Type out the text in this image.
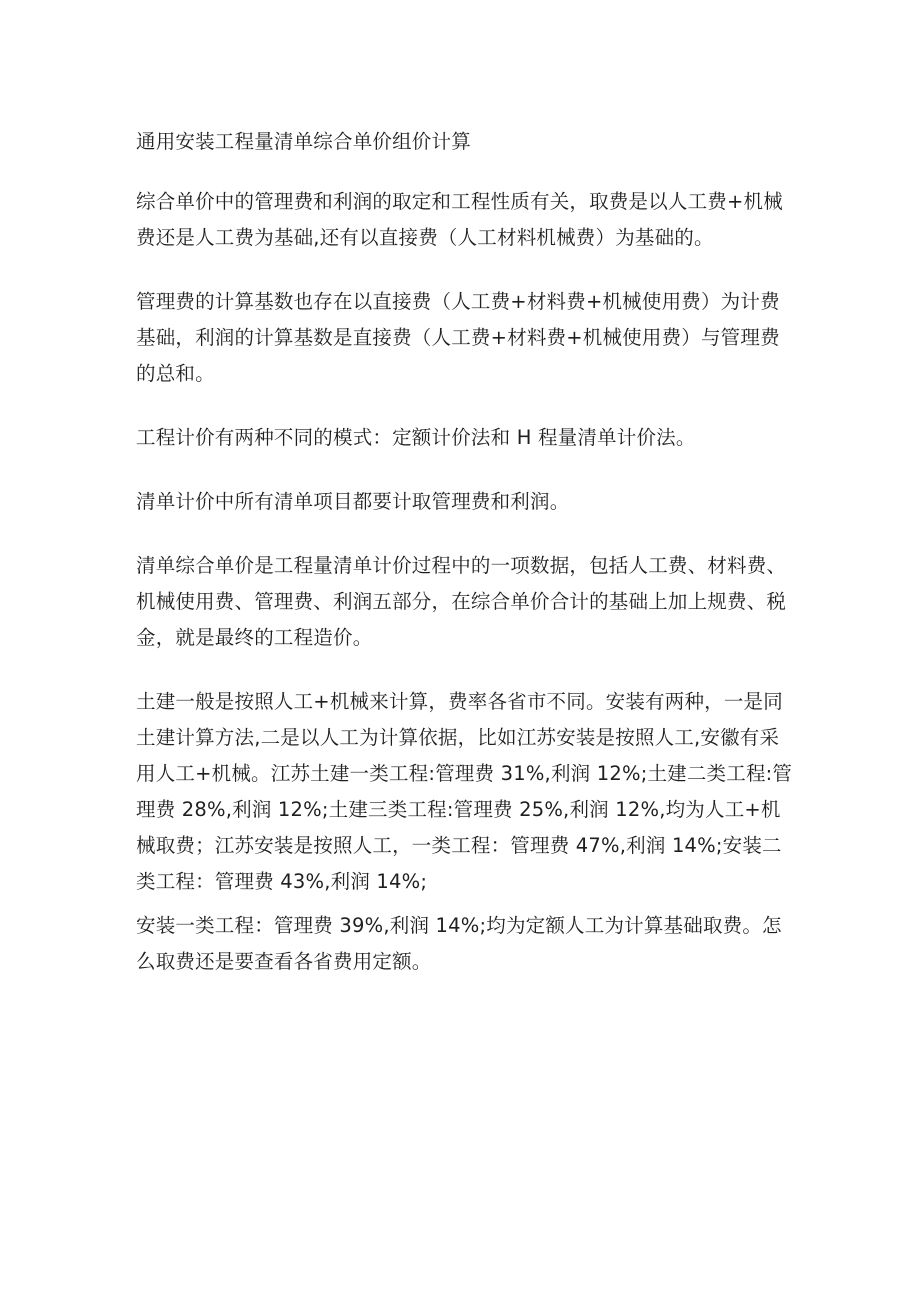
通用安装工程量清单综合单价组价计算

综合单价中的管理费和利润的取定和工程性质有关，取费是以人工费+机械费还是人工费为基础,还有以直接费（人工材料机械费）为基础的。

管理费的计算基数也存在以直接费（人工费+材料费+机械使用费）为计费基础，利润的计算基数是直接费（人工费+材料费+机械使用费）与管理费的总和。

工程计价有两种不同的模式：定额计价法和 H 程量清单计价法。

清单计价中所有清单项目都要计取管理费和利润。

清单综合单价是工程量清单计价过程中的一项数据，包括人工费、材料费、机械使用费、管理费、利润五部分，在综合单价合计的基础上加上规费、税金，就是最终的工程造价。

土建一般是按照人工+机械来计算，费率各省市不同。安装有两种，一是同土建计算方法,二是以人工为计算依据，比如江苏安装是按照人工,安徽有采用人工+机械。江苏土建一类工程:管理费 31%,利润 12%;土建二类工程:管理费 28%,利润 12%;土建三类工程:管理费 25%,利润 12%,均为人工+机械取费；江苏安装是按照人工，一类工程：管理费 47%,利润 14%;安装二类工程：管理费 43%,利润 14%;

安装一类工程：管理费 39%,利润 14%;均为定额人工为计算基础取费。怎么取费还是要查看各省费用定额。
